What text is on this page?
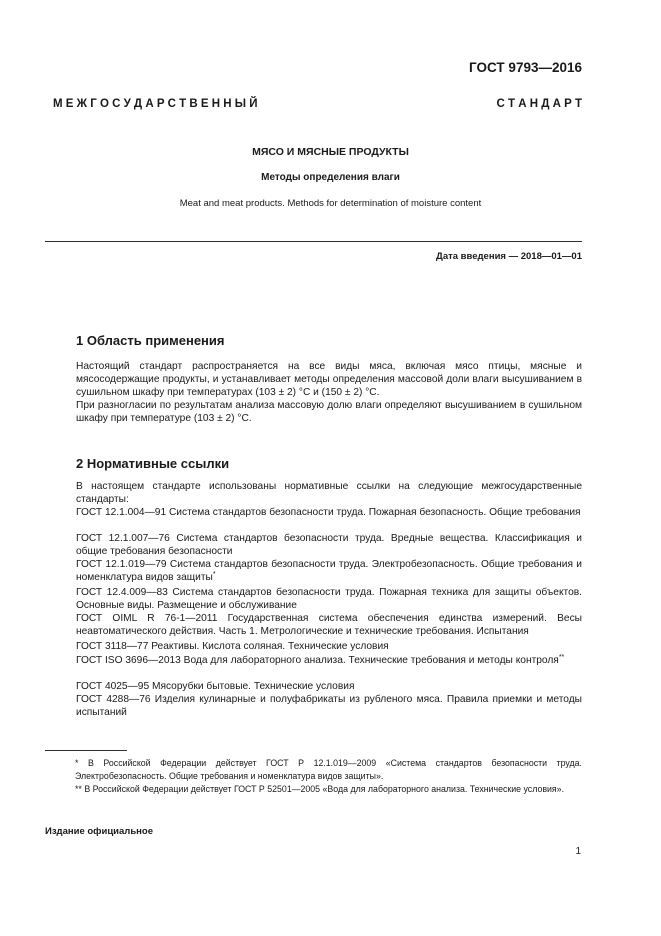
ГОСТ 9793—2016
М Е Ж Г О С У Д А Р С Т В Е Н Н Ы Й	С Т А Н Д А Р Т
МЯСО И МЯСНЫЕ ПРОДУКТЫ
Методы определения влаги
Meat and meat products. Methods for determination of moisture content
Дата введения — 2018—01—01
1 Область применения
Настоящий стандарт распространяется на все виды мяса, включая мясо птицы, мясные и мясосодержащие продукты, и устанавливает методы определения массовой доли влаги высушиванием в сушильном шкафу при температурах (103 ± 2) °С и (150 ± 2) °С.
При разногласии по результатам анализа массовую долю влаги определяют высушиванием в сушильном шкафу при температуре (103 ± 2) °С.
2 Нормативные ссылки
В настоящем стандарте использованы нормативные ссылки на следующие межгосударственные стандарты:
ГОСТ 12.1.004—91 Система стандартов безопасности труда. Пожарная безопасность. Общие требования
ГОСТ 12.1.007—76 Система стандартов безопасности труда. Вредные вещества. Классификация и общие требования безопасности
ГОСТ 12.1.019—79 Система стандартов безопасности труда. Электробезопасность. Общие требования и номенклатура видов защиты*
ГОСТ 12.4.009—83 Система стандартов безопасности труда. Пожарная техника для защиты объектов. Основные виды. Размещение и обслуживание
ГОСТ OIML R 76-1—2011 Государственная система обеспечения единства измерений. Весы неавтоматического действия. Часть 1. Метрологические и технические требования. Испытания
ГОСТ 3118—77 Реактивы. Кислота соляная. Технические условия
ГОСТ ISO 3696—2013 Вода для лабораторного анализа. Технические требования и методы контроля**
ГОСТ 4025—95 Мясорубки бытовые. Технические условия
ГОСТ 4288—76 Изделия кулинарные и полуфабрикаты из рубленого мяса. Правила приемки и методы испытаний
* В Российской Федерации действует ГОСТ Р 12.1.019—2009 «Система стандартов безопасности труда. Электробезопасность. Общие требования и номенклатура видов защиты».
** В Российской Федерации действует ГОСТ Р 52501—2005 «Вода для лабораторного анализа. Технические условия».
Издание официальное
1
